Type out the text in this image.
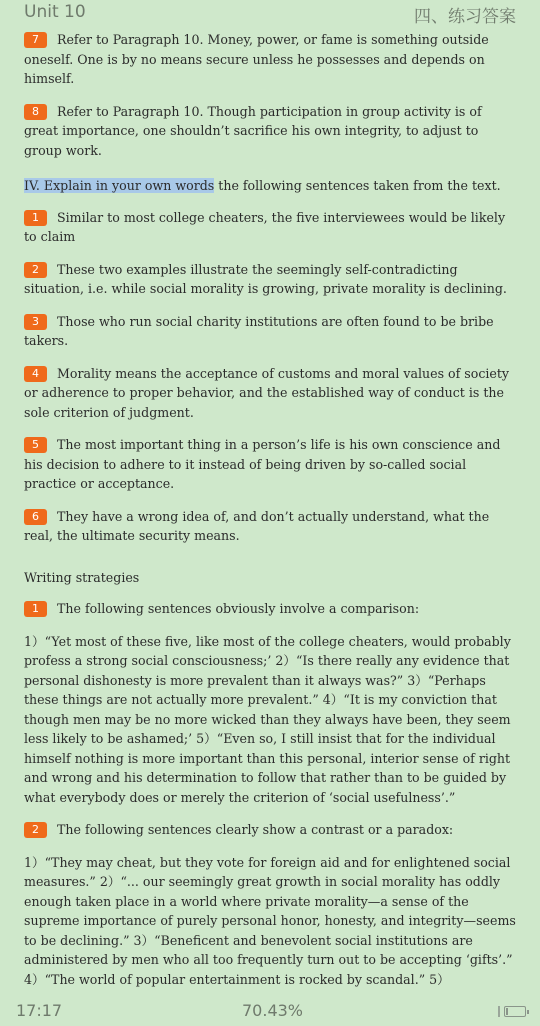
Unit 10	四、练习答案

7 Refer to Paragraph 10. Money, power, or fame is something outside oneself. One is by no means secure unless he possesses and depends on himself.

8 Refer to Paragraph 10. Though participation in group activity is of great importance, one shouldn’t sacrifice his own integrity, to adjust to group work.

IV. Explain in your own words the following sentences taken from the text.

1 Similar to most college cheaters, the five interviewees would be likely to claim

2 These two examples illustrate the seemingly self-contradicting situation, i.e. while social morality is growing, private morality is declining.

3 Those who run social charity institutions are often found to be bribe takers.

4 Morality means the acceptance of customs and moral values of society or adherence to proper behavior, and the established way of conduct is the sole criterion of judgment.

5 The most important thing in a person’s life is his own conscience and his decision to adhere to it instead of being driven by so-called social practice or acceptance.

6 They have a wrong idea of, and don’t actually understand, what the real, the ultimate security means.

Writing strategies

1 The following sentences obviously involve a comparison:

1）“Yet most of these five, like most of the college cheaters, would probably profess a strong social consciousness;’ 2）“Is there really any evidence that personal dishonesty is more prevalent than it always was?” 3）“Perhaps these things are not actually more prevalent.” 4）“It is my conviction that though men may be no more wicked than they always have been, they seem less likely to be ashamed;’ 5）“Even so, I still insist that for the individual himself nothing is more important than this personal, interior sense of right and wrong and his determination to follow that rather than to be guided by what everybody does or merely the criterion of ‘social usefulness’.”

2 The following sentences clearly show a contrast or a paradox:

1）“They may cheat, but they vote for foreign aid and for enlightened social measures.” 2）“... our seemingly great growth in social morality has oddly enough taken place in a world where private morality—a sense of the supreme importance of purely personal honor, honesty, and integrity—seems to be declining.” 3）“Beneficent and benevolent social institutions are administered by men who all too frequently turn out to be accepting ‘gifts’.” 4）“The world of popular entertainment is rocked by scandal.” 5）

17:17	70.43%
